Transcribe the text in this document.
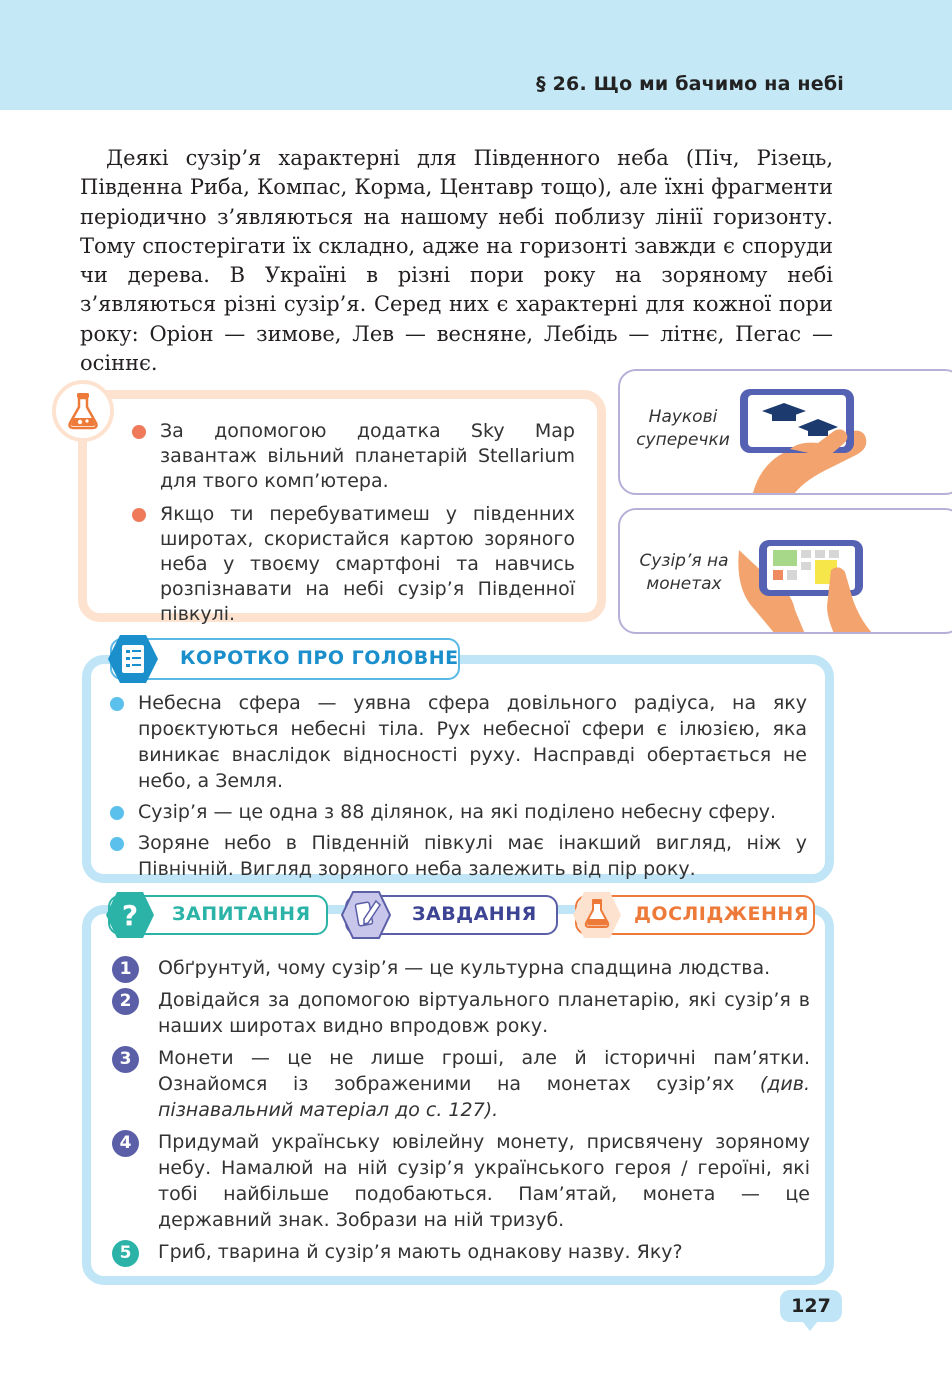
§ 26. Що ми бачимо на небі

Деякі сузір’я характерні для Південного неба (Піч, Різець, Південна Риба, Компас, Корма, Центавр тощо), але їхні фрагменти періодично з’являються на нашому небі поблизу лінії горизонту. Тому спостерігати їх складно, адже на горизонті завжди є споруди чи дерева. В Україні в різні пори року на зоряному небі з’являються різні сузір’я. Серед них є характерні для кожної пори року: Оріон — зимове, Лев — весняне, Лебідь — літнє, Пегас — осіннє.

За допомогою додатка Sky Map завантаж вільний планетарій Stellarium для твого комп’ютера.
Якщо ти перебуватимеш у південних широтах, скористайся картою зоряного неба у твоєму смартфоні та навчись розпізнавати на небі сузір’я Південної півкулі.
Наукові суперечки
Сузір’я на монетах
КОРОТКО ПРО ГОЛОВНЕ
Небесна сфера — уявна сфера довільного радіуса, на яку проєктуються небесні тіла. Рух небесної сфери є ілюзією, яка виникає внаслідок відносності руху. Насправді обертається не небо, а Земля.
Сузір’я — це одна з 88 ділянок, на які поділено небесну сферу.
Зоряне небо в Південній півкулі має інакший вигляд, ніж у Північній. Вигляд зоряного неба залежить від пір року.
? ЗАПИТАННЯ	ЗАВДАННЯ	ДОСЛІДЖЕННЯ
1	Обґрунтуй, чому сузір’я — це культурна спадщина людства.
2	Довідайся за допомогою віртуального планетарію, які сузір’я в наших широтах видно впродовж року.
3	Монети — це не лише гроші, але й історичні пам’ятки. Ознайомся із зображеними на монетах сузір’ях (див. пізнавальний матеріал до с. 127).
4	Придумай українську ювілейну монету, присвячену зоряному небу. Намалюй на ній сузір’я українського героя / героїні, які тобі найбільше подобаються. Пам’ятай, монета — це державний знак. Зобрази на ній тризуб.
5	Гриб, тварина й сузір’я мають однакову назву. Яку?
127
